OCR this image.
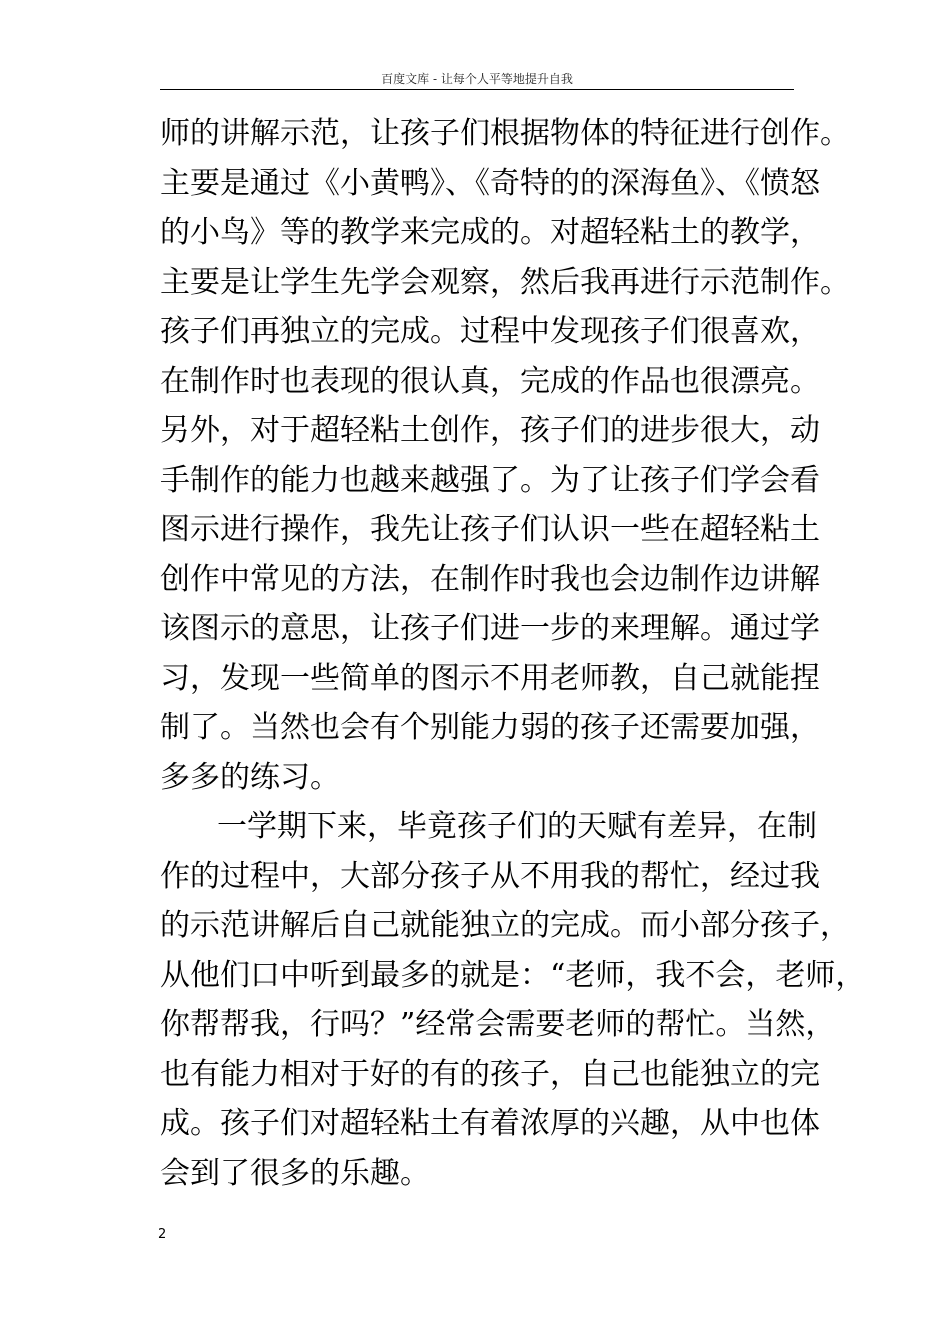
百度文库 - 让每个人平等地提升自我
师的讲解示范，让孩子们根据物体的特征进行创作。
主要是通过《小黄鸭》、《奇特的的深海鱼》、《愤怒
的小鸟》等的教学来完成的。对超轻粘土的教学，
主要是让学生先学会观察，然后我再进行示范制作。
孩子们再独立的完成。过程中发现孩子们很喜欢，
在制作时也表现的很认真，完成的作品也很漂亮。
另外，对于超轻粘土创作，孩子们的进步很大，动
手制作的能力也越来越强了。为了让孩子们学会看
图示进行操作，我先让孩子们认识一些在超轻粘土
创作中常见的方法，在制作时我也会边制作边讲解
该图示的意思，让孩子们进一步的来理解。通过学
习，发现一些简单的图示不用老师教，自己就能捏
制了。当然也会有个别能力弱的孩子还需要加强，
多多的练习。
一学期下来，毕竟孩子们的天赋有差异，在制
作的过程中，大部分孩子从不用我的帮忙，经过我
的示范讲解后自己就能独立的完成。而小部分孩子，
从他们口中听到最多的就是：“老师，我不会，老师，
你帮帮我，行吗？”经常会需要老师的帮忙。当然，
也有能力相对于好的有的孩子，自己也能独立的完
成。孩子们对超轻粘土有着浓厚的兴趣，从中也体
会到了很多的乐趣。
2
